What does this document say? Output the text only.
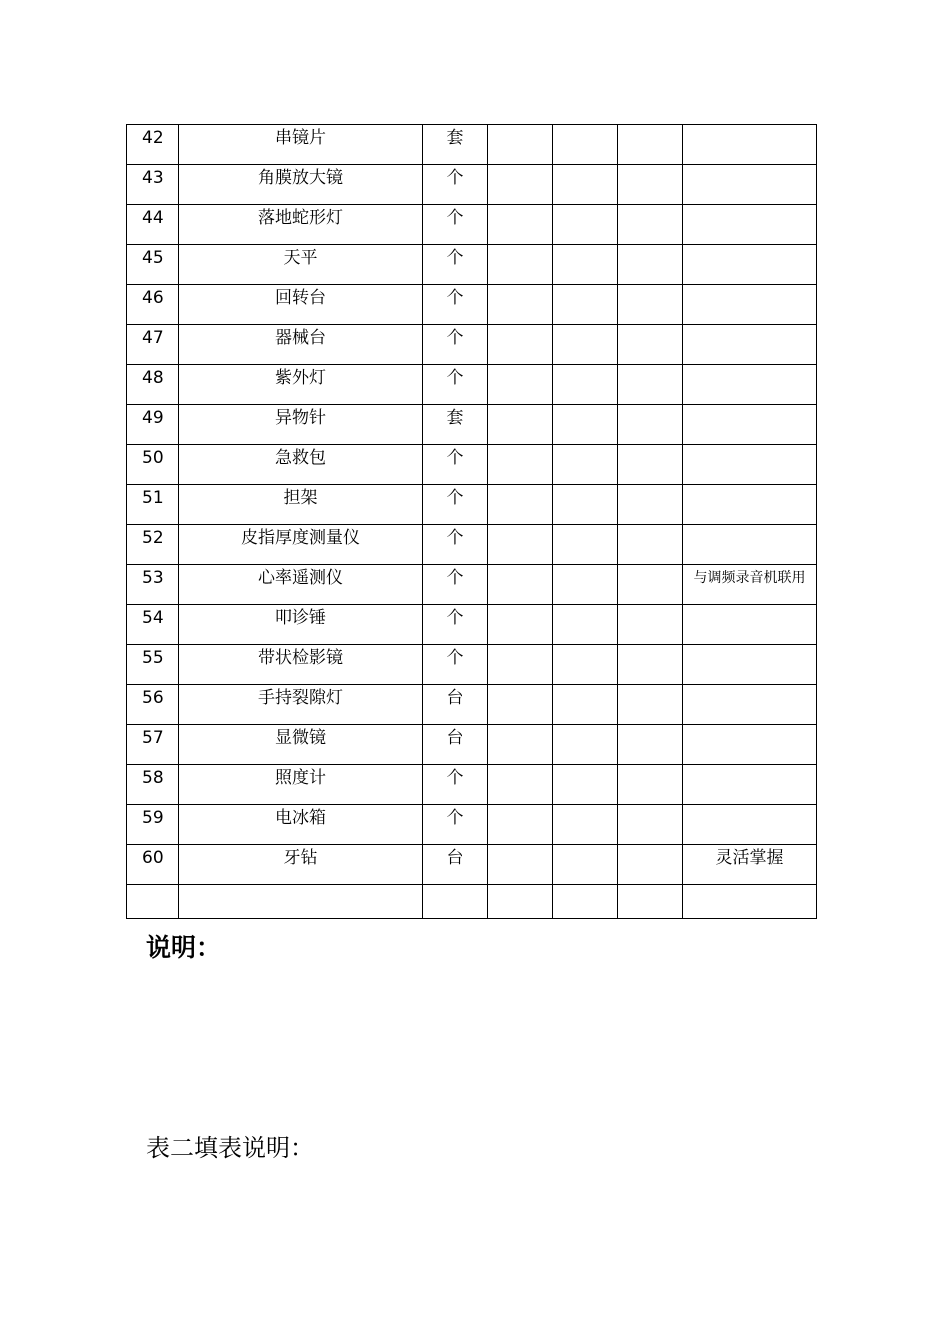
42	串镜片	套				
43	角膜放大镜	个				
44	落地蛇形灯	个				
45	天平	个				
46	回转台	个				
47	器械台	个				
48	紫外灯	个				
49	异物针	套				
50	急救包	个				
51	担架	个				
52	皮指厚度测量仪	个				
53	心率遥测仪	个				与调频录音机联用
54	叩诊锤	个				
55	带状检影镜	个				
56	手持裂隙灯	台				
57	显微镜	台				
58	照度计	个				
59	电冰箱	个				
60	牙钻	台				灵活掌握

说明：
表二填表说明：
